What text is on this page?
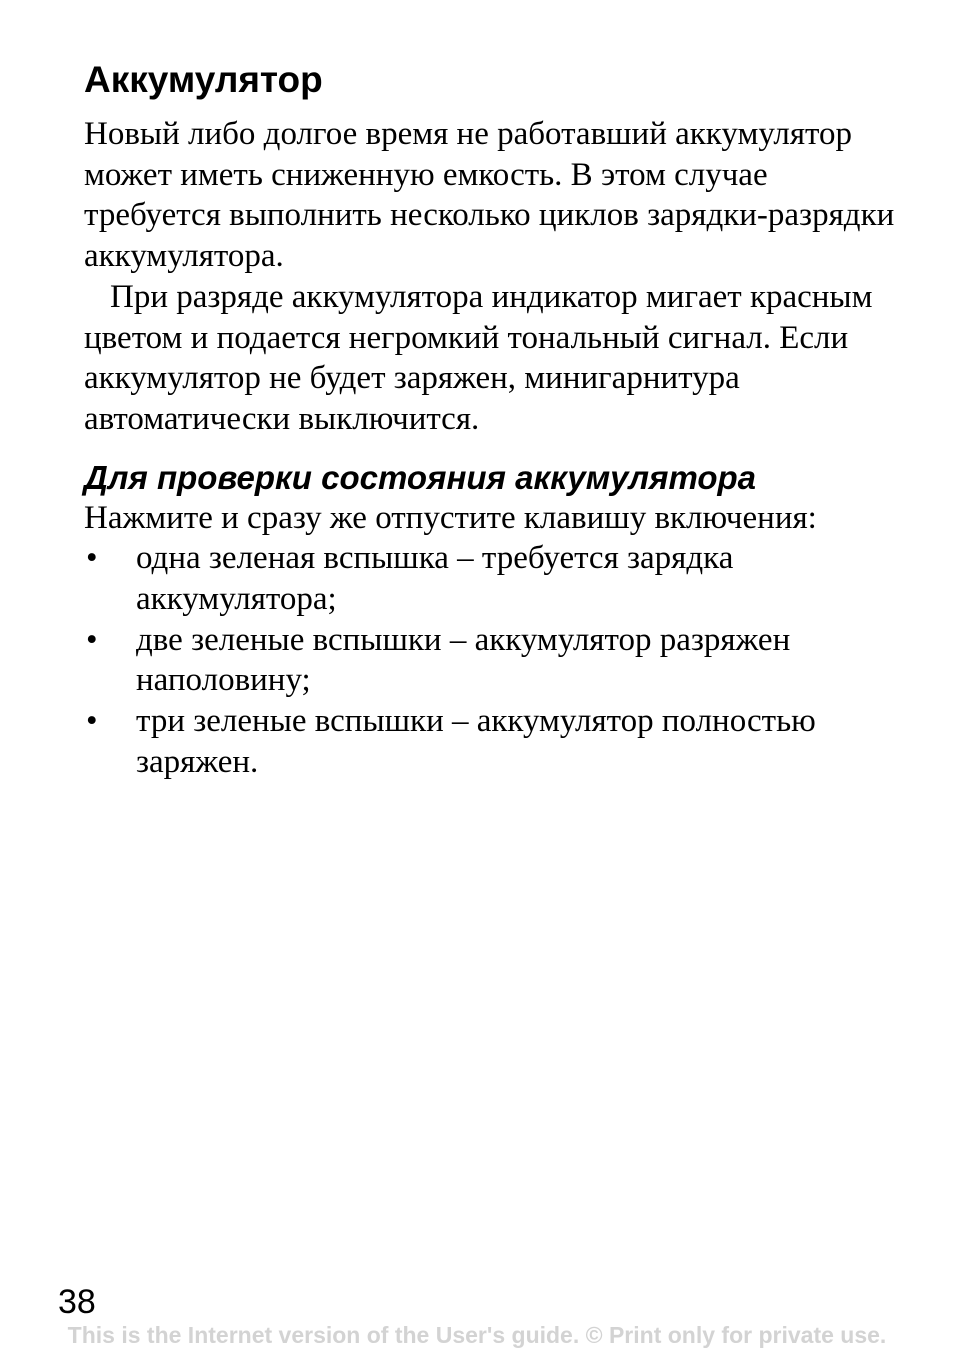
Аккумулятор

Новый либо долгое время не работавший аккумулятор может иметь сниженную емкость. В этом случае требуется выполнить несколько циклов зарядки-разрядки аккумулятора.

При разряде аккумулятора индикатор мигает красным цветом и подается негромкий тональный сигнал. Если аккумулятор не будет заряжен, минигарнитура автоматически выключится.

Для проверки состояния аккумулятора

Нажмите и сразу же отпустите клавишу включения:

• одна зеленая вспышка – требуется зарядка аккумулятора;
• две зеленые вспышки – аккумулятор разряжен наполовину;
• три зеленые вспышки – аккумулятор полностью заряжен.
38
This is the Internet version of the User's guide. © Print only for private use.
